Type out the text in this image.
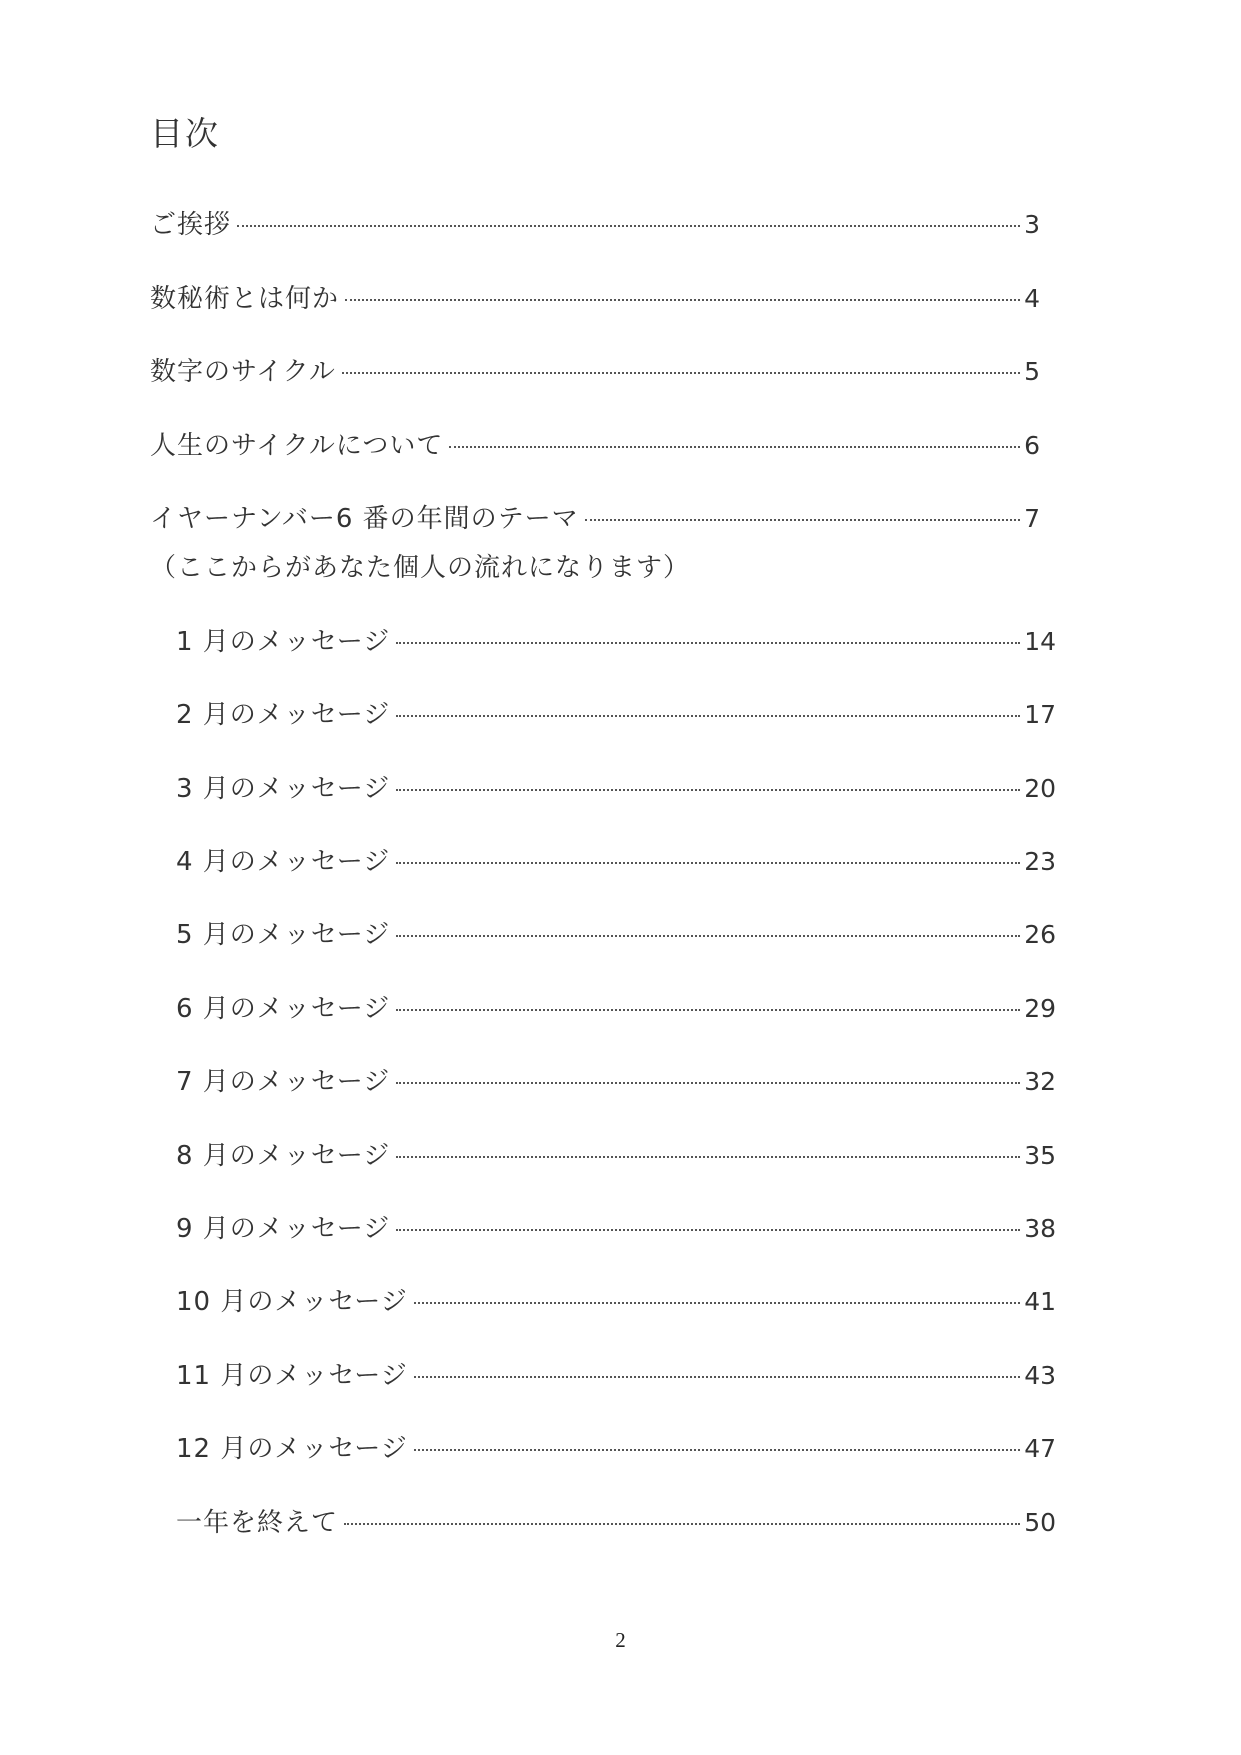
目次
ご挨拶	3
数秘術とは何か	4
数字のサイクル	5
人生のサイクルについて	6
イヤーナンバー6 番の年間のテーマ	7
（ここからがあなた個人の流れになります）
1 月のメッセージ	14
2 月のメッセージ	17
3 月のメッセージ	20
4 月のメッセージ	23
5 月のメッセージ	26
6 月のメッセージ	29
7 月のメッセージ	32
8 月のメッセージ	35
9 月のメッセージ	38
10 月のメッセージ	41
11 月のメッセージ	43
12 月のメッセージ	47
一年を終えて	50
2
